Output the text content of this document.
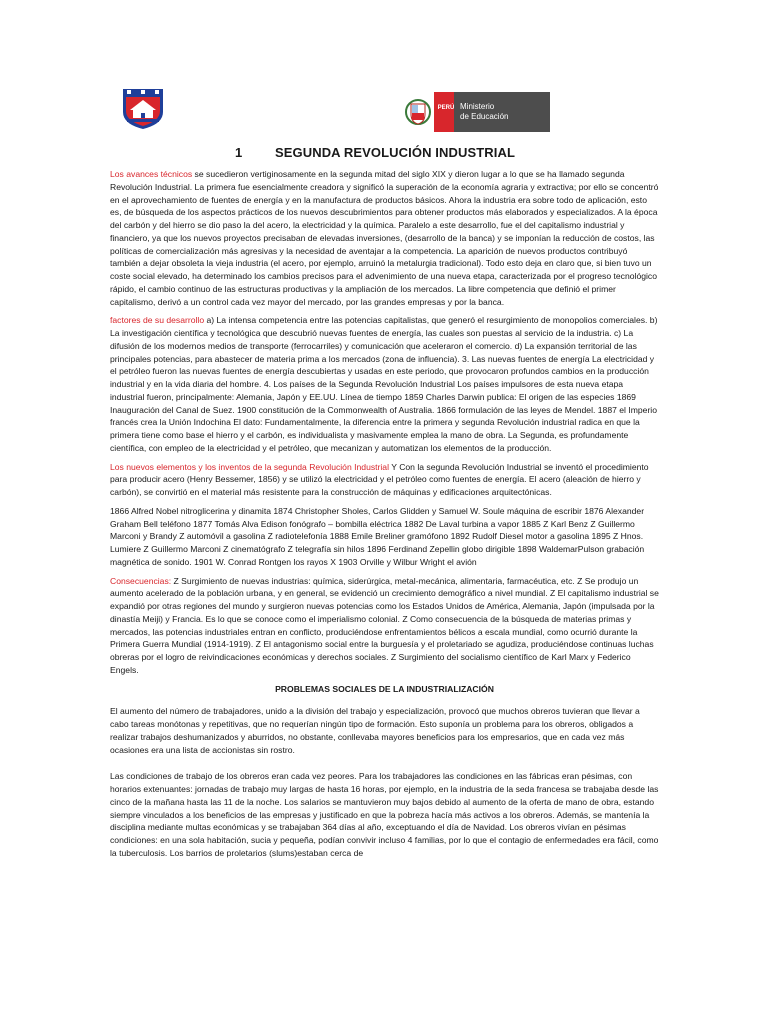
PERÚ Ministerio
de Educación
1	SEGUNDA REVOLUCIÓN INDUSTRIAL

Los avances técnicos se sucedieron vertiginosamente en la segunda mitad del siglo XIX y dieron lugar a lo que se ha llamado segunda Revolución Industrial. La primera fue esencialmente creadora y significó la superación de la economía agraria y extractiva; por ello se concentró en el aprovechamiento de fuentes de energía y en la manufactura de productos básicos. Ahora la industria era sobre todo de aplicación, esto es, de búsqueda de los aspectos prácticos de los nuevos descubrimientos para obtener productos más elaborados y especializados. A la época del carbón y del hierro se dio paso la del acero, la electricidad y la química. Paralelo a este desarrollo, fue el del capitalismo industrial y financiero, ya que los nuevos proyectos precisaban de elevadas inversiones, (desarrollo de la banca) y se imponían la reducción de costos, las políticas de comercialización más agresivas y la necesidad de aventajar a la competencia. La aparición de nuevos productos contribuyó también a dejar obsoleta la vieja industria (el acero, por ejemplo, arruinó la metalurgia tradicional). Todo esto deja en claro que, si bien tuvo un coste social elevado, ha determinado los cambios precisos para el advenimiento de una nueva etapa, caracterizada por el progreso tecnológico rápido, el cambio continuo de las estructuras productivas y la ampliación de los mercados. La libre competencia que definió el primer capitalismo, derivó a un control cada vez mayor del mercado, por las grandes empresas y por la banca.

factores de su desarrollo a) La intensa competencia entre las potencias capitalistas, que generó el resurgimiento de monopolios comerciales. b) La investigación científica y tecnológica que descubrió nuevas fuentes de energía, las cuales son puestas al servicio de la industria. c) La difusión de los modernos medios de transporte (ferrocarriles) y comunicación que aceleraron el comercio. d) La expansión territorial de las principales potencias, para abastecer de materia prima a los mercados (zona de influencia). 3. Las nuevas fuentes de energía La electricidad y el petróleo fueron las nuevas fuentes de energía descubiertas y usadas en este periodo, que provocaron profundos cambios en la producción industrial y en la vida diaria del hombre. 4. Los países de la Segunda Revolución Industrial Los países impulsores de esta nueva etapa industrial fueron, principalmente: Alemania, Japón y EE.UU. Línea de tiempo 1859 Charles Darwin publica: El origen de las especies 1869 Inauguración del Canal de Suez. 1900 constitución de la Commonwealth of Australia. 1866 formulación de las leyes de Mendel. 1887 el Imperio francés crea la Unión Indochina El dato: Fundamentalmente, la diferencia entre la primera y segunda Revolución industrial radica en que la primera tiene como base el hierro y el carbón, es individualista y masivamente emplea la mano de obra. La Segunda, es profundamente científica, con empleo de la electricidad y el petróleo, que mecanizan y automatizan los elementos de la producción.

Los nuevos elementos y los inventos de la segunda Revolución Industrial Y Con la segunda Revolución Industrial se inventó el procedimiento para producir acero (Henry Bessemer, 1856) y se utilizó la electricidad y el petróleo como fuentes de energía. El acero (aleación de hierro y carbón), se convirtió en el material más resistente para la construcción de máquinas y edificaciones arquitectónicas.

1866 Alfred Nobel nitroglicerina y dinamita 1874 Christopher Sholes, Carlos Glidden y Samuel W. Soule máquina de escribir 1876 Alexander Graham Bell teléfono 1877 Tomás Alva Edison fonógrafo – bombilla eléctrica 1882 De Laval turbina a vapor 1885 Z Karl Benz Z Guillermo Marconi y Brandy Z automóvil a gasolina Z radiotelefonía 1888 Emile Breliner gramófono 1892 Rudolf Diesel motor a gasolina 1895 Z Hnos. Lumiere Z Guillermo Marconi Z cinematógrafo Z telegrafía sin hilos 1896 Ferdinand Zepellin globo dirigible 1898 WaldemarPulson grabación magnética de sonido. 1901 W. Conrad Rontgen los rayos X 1903 Orville y Wilbur Wright el avión

Consecuencias: Z Surgimiento de nuevas industrias: química, siderúrgica, metal-mecánica, alimentaria, farmacéutica, etc. Z Se produjo un aumento acelerado de la población urbana, y en general, se evidenció un crecimiento demográfico a nivel mundial. Z El capitalismo industrial se expandió por otras regiones del mundo y surgieron nuevas potencias como los Estados Unidos de América, Alemania, Japón (impulsada por la dinastía Meiji) y Francia. Es lo que se conoce como el imperialismo colonial. Z Como consecuencia de la búsqueda de materias primas y mercados, las potencias industriales entran en conflicto, produciéndose enfrentamientos bélicos a escala mundial, como ocurrió durante la Primera Guerra Mundial (1914-1919). Z El antagonismo social entre la burguesía y el proletariado se agudiza, produciéndose continuas luchas obreras por el logro de reivindicaciones económicas y derechos sociales. Z Surgimiento del socialismo científico de Karl Marx y Federico Engels.

PROBLEMAS SOCIALES DE LA INDUSTRIALIZACIÓN

El aumento del número de trabajadores, unido a la división del trabajo y especialización, provocó que muchos obreros tuvieran que llevar a cabo tareas monótonas y repetitivas, que no requerían ningún tipo de formación. Esto suponía un problema para los obreros, obligados a realizar trabajos deshumanizados y aburridos, no obstante, conllevaba mayores beneficios para los empresarios, que en cada vez más ocasiones era una lista de accionistas sin rostro.

Las condiciones de trabajo de los obreros eran cada vez peores. Para los trabajadores las condiciones en las fábricas eran pésimas, con horarios extenuantes: jornadas de trabajo muy largas de hasta 16 horas, por ejemplo, en la industria de la seda francesa se trabajaba desde las cinco de la mañana hasta las 11 de la noche. Los salarios se mantuvieron muy bajos debido al aumento de la oferta de mano de obra, estando siempre vinculados a los beneficios de las empresas y justificado en que la pobreza hacía más activos a los obreros. Además, se mantenía la disciplina mediante multas económicas y se trabajaban 364 días al año, exceptuando el día de Navidad. Los obreros vivían en pésimas condiciones: en una sola habitación, sucia y pequeña, podían convivir incluso 4 familias, por lo que el contagio de enfermedades era fácil, como la tuberculosis. Los barrios de proletarios (slums)estaban cerca de
